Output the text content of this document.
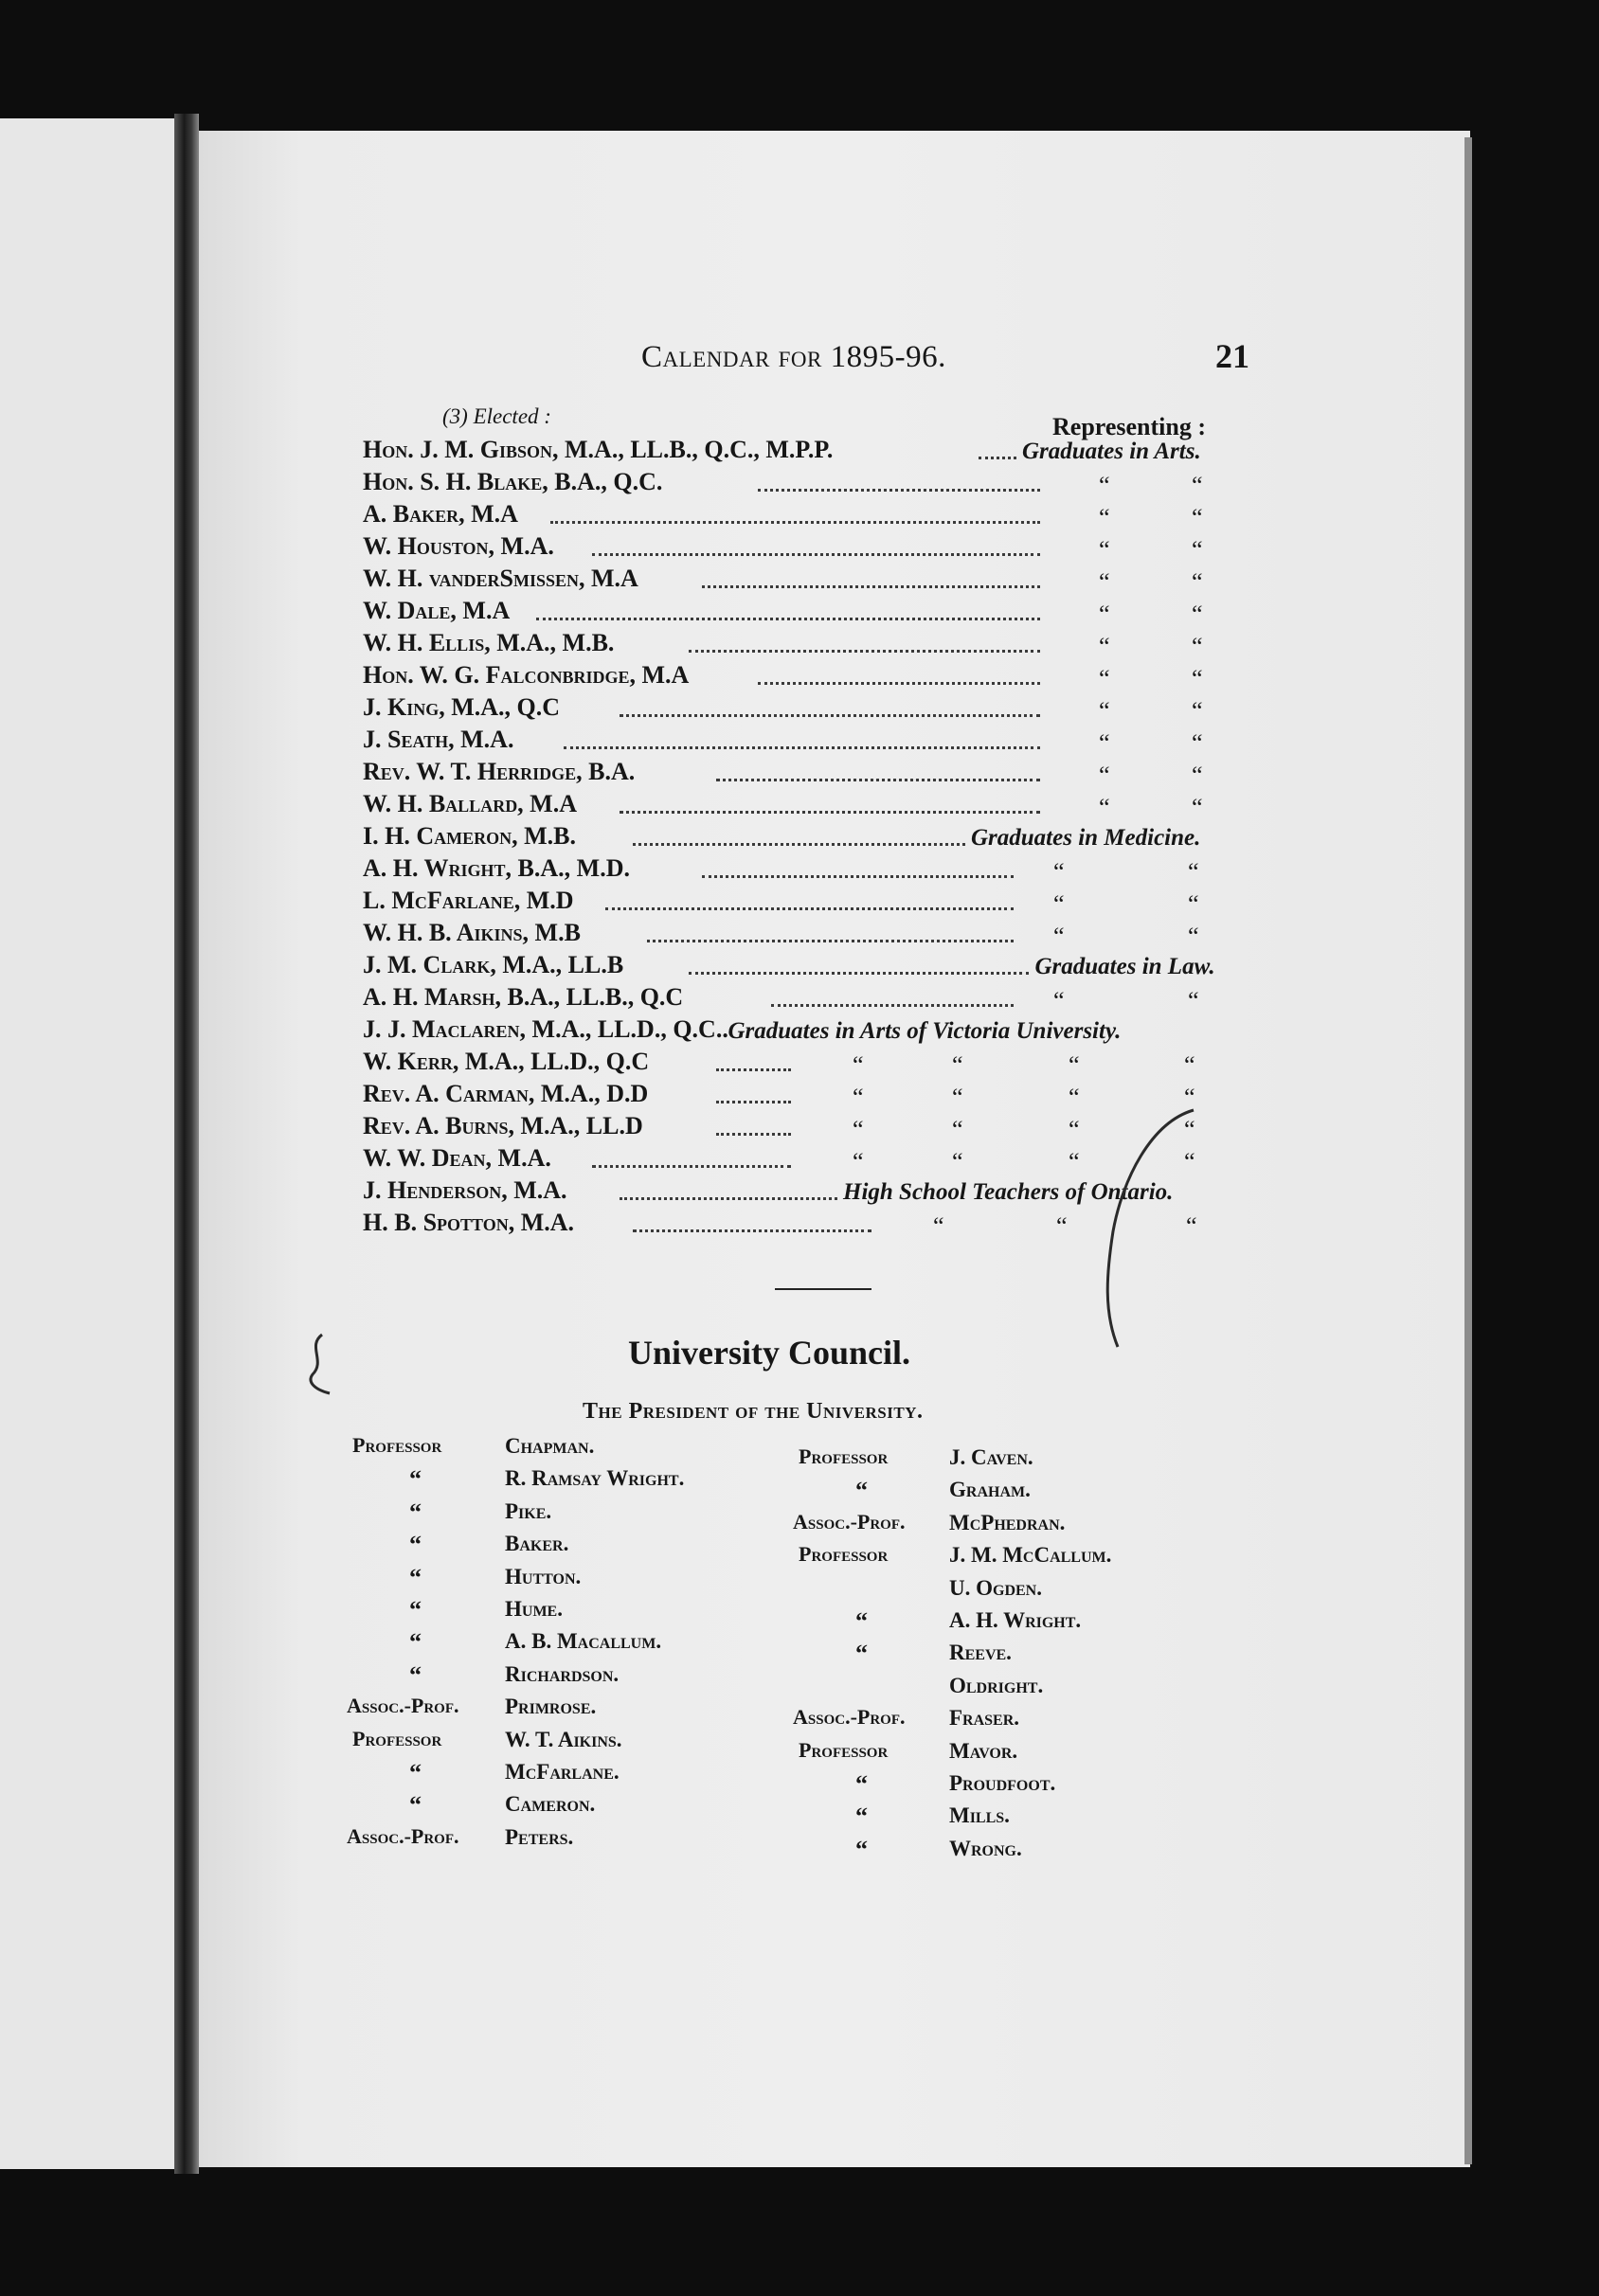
Calendar for 1895-96.	21
(3) Elected :	Representing :
Hon. J. M. Gibson, M.A., LL.B., Q.C., M.P.P.	Graduates in Arts.
Hon. S. H. Blake, B.A., Q.C.	“	“
A. Baker, M.A	“	“
W. Houston, M.A.	“	“
W. H. vanderSmissen, M.A	“	“
W. Dale, M.A	“	“
W. H. Ellis, M.A., M.B.	“	“
Hon. W. G. Falconbridge, M.A	“	“
J. King, M.A., Q.C	“	“
J. Seath, M.A.	“	“
Rev. W. T. Herridge, B.A.	“	“
W. H. Ballard, M.A	“	“
I. H. Cameron, M.B.	Graduates in Medicine.
A. H. Wright, B.A., M.D.	“	“
L. McFarlane, M.D	“	“
W. H. B. Aikins, M.B	“	“
J. M. Clark, M.A., LL.B	Graduates in Law.
A. H. Marsh, B.A., LL.B., Q.C	“	“
J. J. Maclaren, M.A., LL.D., Q.C.. Graduates in Arts of Victoria University.
W. Kerr, M.A., LL.D., Q.C	“	“	“	“
Rev. A. Carman, M.A., D.D	“	“	“	“
Rev. A. Burns, M.A., LL.D	“	“	“	“
W. W. Dean, M.A.	“	“	“	“
J. Henderson, M.A.	High School Teachers of Ontario.
H. B. Spotton, M.A.	“	“	“
University Council.
The President of the University.
Professor	Chapman.
“	R. Ramsay Wright.
“	Pike.
“	Baker.
“	Hutton.
“	Hume.
“	A. B. Macallum.
“	Richardson.
Assoc.-Prof. Primrose.
Professor	W. T. Aikins.
“	McFarlane.
“	Cameron.
Assoc.-Prof. Peters.
Professor	J. Caven.
“	Graham.
Assoc.-Prof. McPhedran.
Professor	J. M. McCallum.
U. Ogden.
“	A. H. Wright.
“	Reeve.
Oldright.
Assoc.-Prof. Fraser.
Professor	Mavor.
“	Proudfoot.
“	Mills.
“	Wrong.
